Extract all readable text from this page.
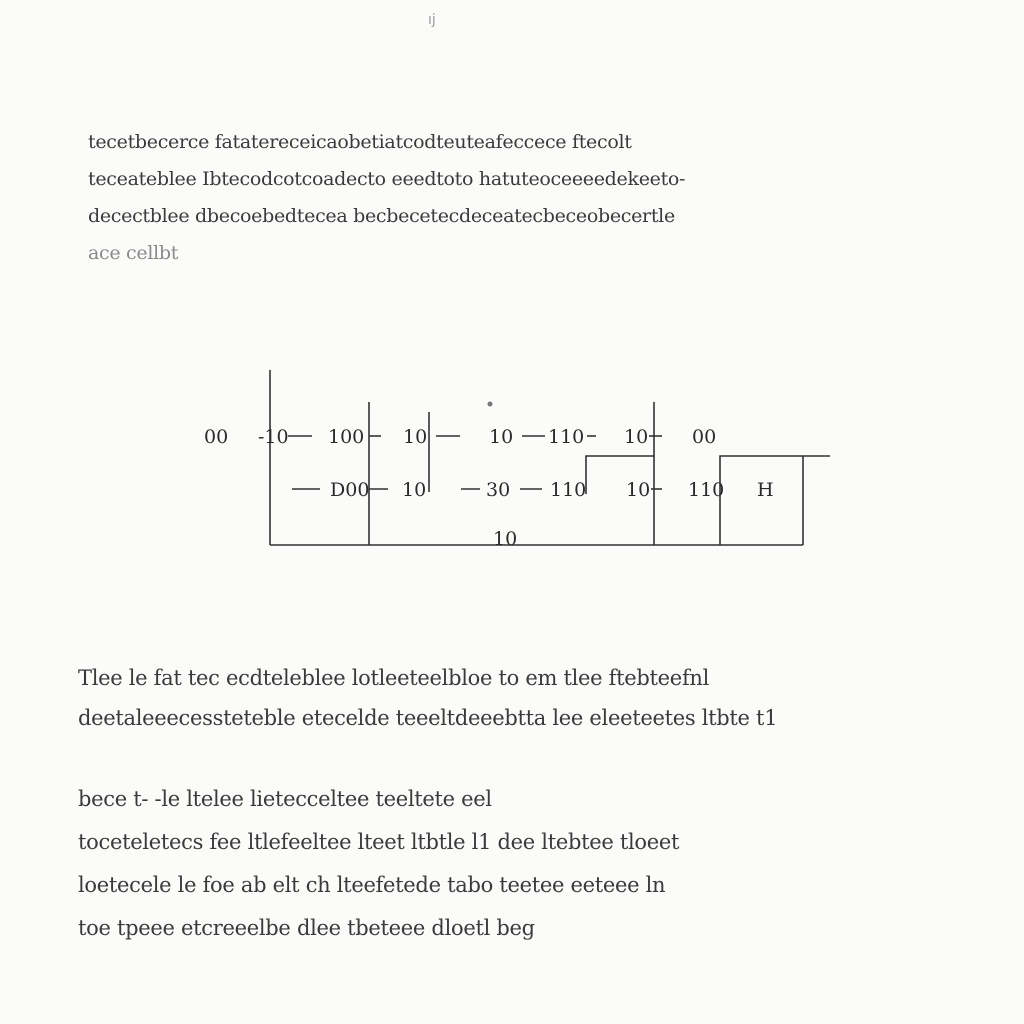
ıj
tecetbecerce fatatereceicaobetiatcodteuteafeccece ftecolt
teceateblee Ibtecodcotcoadecto eeedtoto hatuteoceeeedekeeto-
decectblee dbecoebedtecea becbecetecdeceatecbeceobecertle
ace cellbt
00 -10 100 10	10 110 10 00
D00 10	30 110 10 110 H
10
Tlee le fat tec ecdteleblee lotleeteelbloe to em tlee ftebteefnl
deetaleeecessteteble etecelde teeeltdeeebtta lee eleeteetes ltbte t1
bece t- -le ltelee lietecceltee teeltete eel
toceteletecs fee ltlefeeltee lteet ltbtle l1 dee ltebtee tloeet
loetecele le foe ab elt ch lteefetede tabo teetee eeteee ln
toe tpeee etcreeelbe dlee tbeteee dloetl beg
